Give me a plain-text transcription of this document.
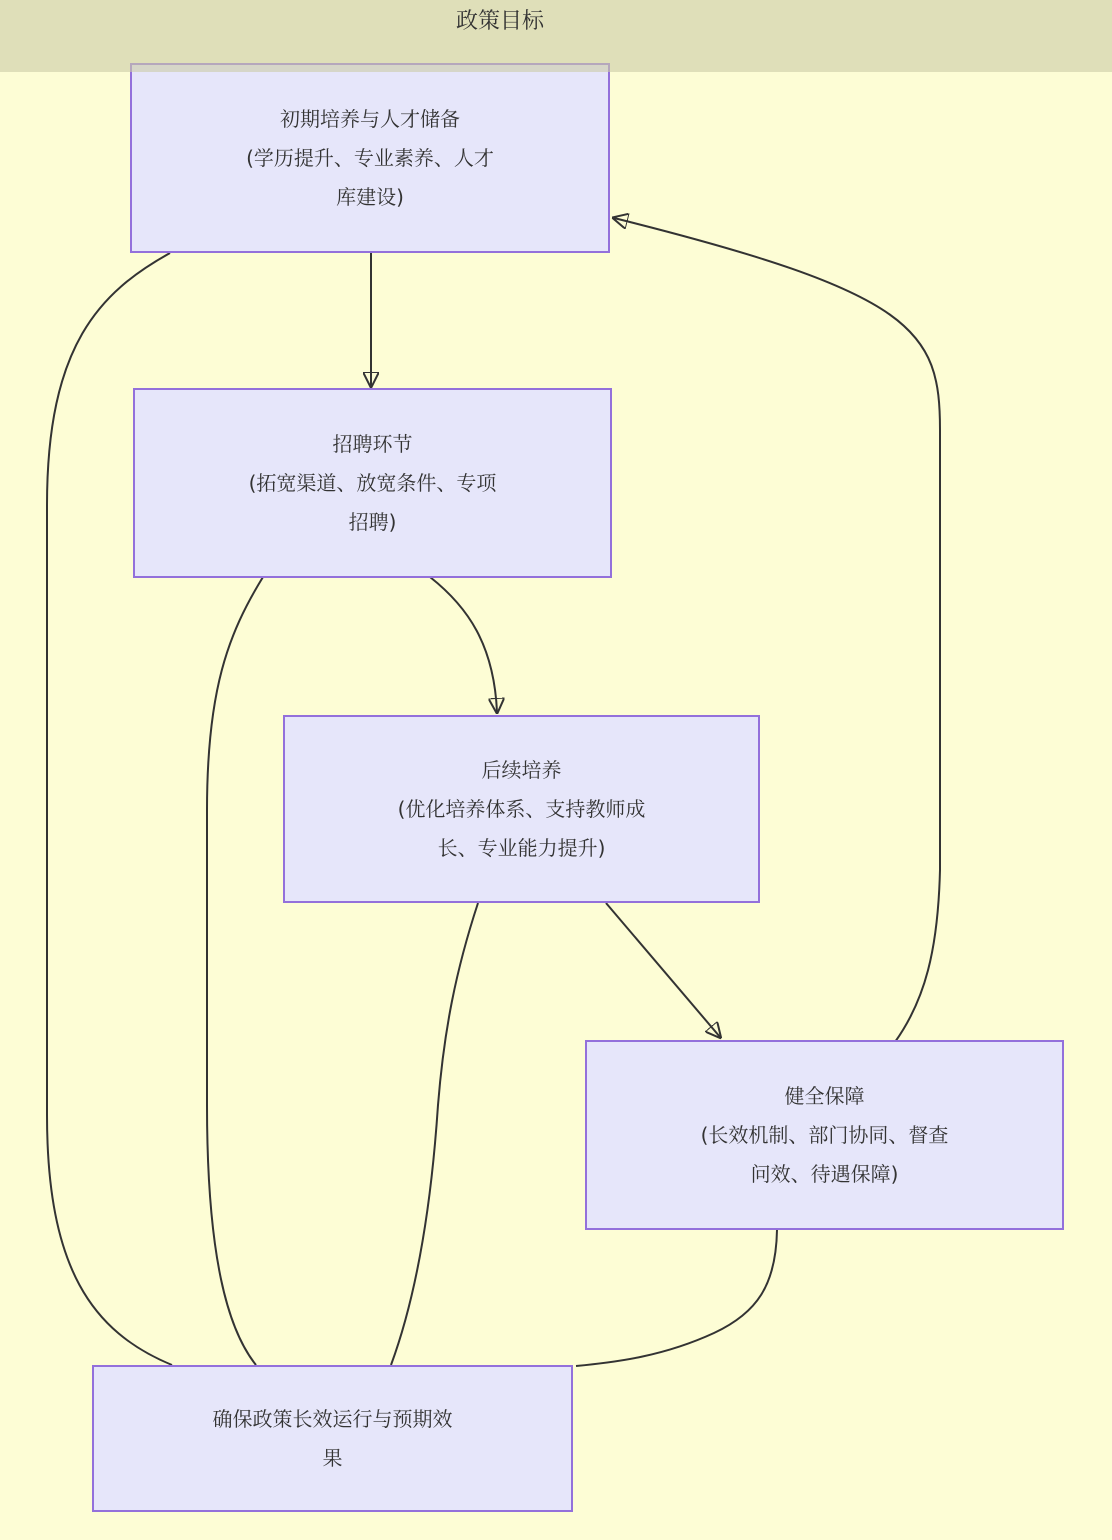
初期培养与人才储备
(学历提升、专业素养、人才
库建设)
招聘环节
(拓宽渠道、放宽条件、专项
招聘)
后续培养
(优化培养体系、支持教师成
长、专业能力提升)
健全保障
(长效机制、部门协同、督查
问效、待遇保障)
确保政策长效运行与预期效
果
政策目标
